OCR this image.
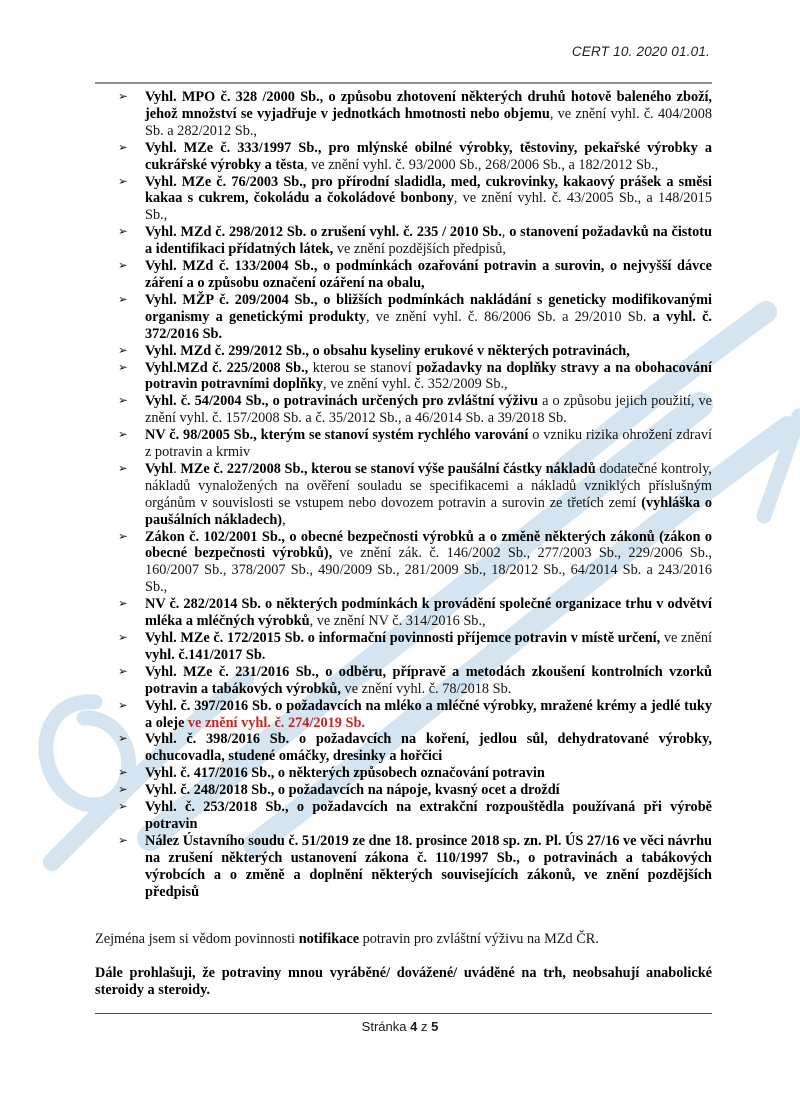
CERT 10. 2020 01.01.
➢ Vyhl. MPO č. 328 /2000 Sb., o způsobu zhotovení některých druhů hotově baleného zboží, jehož množství se vyjadřuje v jednotkách hmotnosti nebo objemu, ve znění vyhl. č. 404/2008 Sb. a 282/2012 Sb.,
➢ Vyhl. MZe č. 333/1997 Sb., pro mlýnské obilné výrobky, těstoviny, pekařské výrobky a cukrářské výrobky a těsta, ve znění vyhl. č. 93/2000 Sb., 268/2006 Sb., a 182/2012 Sb.,
➢ Vyhl. MZe č. 76/2003 Sb., pro přírodní sladidla, med, cukrovinky, kakaový prášek a směsi kakaa s cukrem, čokoládu a čokoládové bonbony, ve znění vyhl. č. 43/2005 Sb., a 148/2015 Sb.,
➢ Vyhl. MZd č. 298/2012 Sb. o zrušení vyhl. č. 235 / 2010 Sb., o stanovení požadavků na čistotu a identifikaci přídatných látek, ve znění pozdějších předpisů,
➢ Vyhl. MZd č. 133/2004 Sb., o podmínkách ozařování potravin a surovin, o nejvyšší dávce záření a o způsobu označení ozáření na obalu,
➢ Vyhl. MŽP č. 209/2004 Sb., o bližších podmínkách nakládání s geneticky modifikovanými organismy a genetickými produkty, ve znění vyhl. č. 86/2006 Sb. a 29/2010 Sb. a vyhl. č. 372/2016 Sb.
➢ Vyhl. MZd č. 299/2012 Sb., o obsahu kyseliny erukové v některých potravinách,
➢ Vyhl.MZd č. 225/2008 Sb., kterou se stanoví požadavky na doplňky stravy a na obohacování potravin potravními doplňky, ve znění vyhl. č. 352/2009 Sb.,
➢ Vyhl. č. 54/2004 Sb., o potravinách určených pro zvláštní výživu a o způsobu jejich použití, ve znění vyhl. č. 157/2008 Sb. a č. 35/2012 Sb., a 46/2014 Sb. a 39/2018 Sb.
➢ NV č. 98/2005 Sb., kterým se stanoví systém rychlého varování o vzniku rizika ohrožení zdraví z potravin a krmiv
➢ Vyhl. MZe č. 227/2008 Sb., kterou se stanoví výše paušální částky nákladů dodatečné kontroly, nákladů vynaložených na ověření souladu se specifikacemi a nákladů vzniklých příslušným orgánům v souvislosti se vstupem nebo dovozem potravin a surovin ze třetích zemí (vyhláška o paušálních nákladech),
➢ Zákon č. 102/2001 Sb., o obecné bezpečnosti výrobků a o změně některých zákonů (zákon o obecné bezpečnosti výrobků), ve znění zák. č. 146/2002 Sb., 277/2003 Sb., 229/2006 Sb., 160/2007 Sb., 378/2007 Sb., 490/2009 Sb., 281/2009 Sb., 18/2012 Sb., 64/2014 Sb. a 243/2016 Sb.,
➢ NV č. 282/2014 Sb. o některých podmínkách k provádění společné organizace trhu v odvětví mléka a mléčných výrobků, ve znění NV č. 314/2016 Sb.,
➢ Vyhl. MZe č. 172/2015 Sb. o informační povinnosti příjemce potravin v místě určení, ve znění vyhl. č.141/2017 Sb.
➢ Vyhl. MZe č. 231/2016 Sb., o odběru, přípravě a metodách zkoušení kontrolních vzorků potravin a tabákových výrobků, ve znění vyhl. č. 78/2018 Sb.
➢ Vyhl. č. 397/2016 Sb. o požadavcích na mléko a mléčné výrobky, mražené krémy a jedlé tuky a oleje ve znění vyhl. č. 274/2019 Sb.
➢ Vyhl. č. 398/2016 Sb. o požadavcích na koření, jedlou sůl, dehydratované výrobky, ochucovadla, studené omáčky, dresinky a hořčici
➢ Vyhl. č. 417/2016 Sb., o některých způsobech označování potravin
➢ Vyhl. č. 248/2018 Sb., o požadavcích na nápoje, kvasný ocet a droždí
➢ Vyhl. č. 253/2018 Sb., o požadavcích na extrakční rozpouštědla používaná při výrobě potravin
➢ Nález Ústavního soudu č. 51/2019 ze dne 18. prosince 2018 sp. zn. Pl. ÚS 27/16 ve věci návrhu na zrušení některých ustanovení zákona č. 110/1997 Sb., o potravinách a tabákových výrobcích a o změně a doplnění některých souvisejících zákonů, ve znění pozdějších předpisů

Zejména jsem si vědom povinnosti notifikace potravin pro zvláštní výživu na MZd ČR.

Dále prohlašuji, že potraviny mnou vyráběné/ dovážené/ uváděné na trh, neobsahují anabolické steroidy a steroidy.

Stránka 4 z 5
